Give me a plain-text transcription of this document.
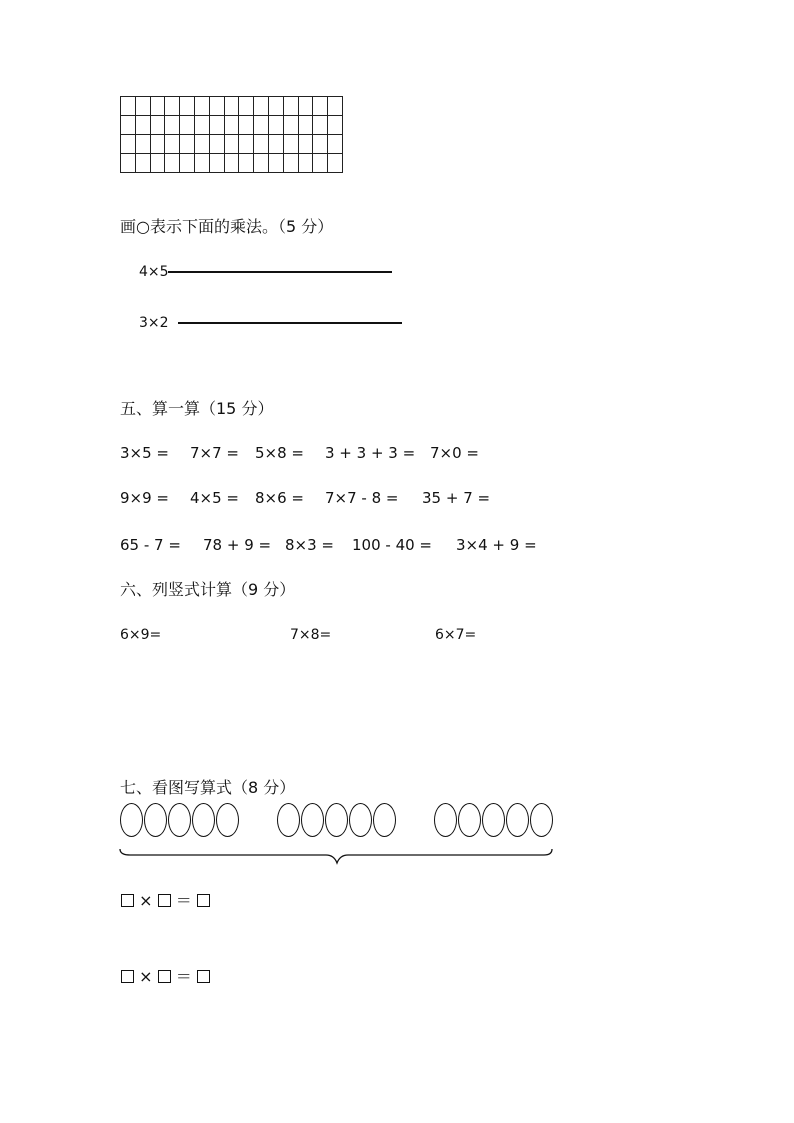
画○表示下面的乘法。（5 分）
4×5
3×2
五、算一算（15 分）
3×5 = 7×7 = 5×8 = 3 + 3 + 3 = 7×0 =
9×9 = 4×5 = 8×6 = 7×7 - 8 = 35 + 7 =
65 - 7 = 78 + 9 = 8×3 = 100 - 40 = 3×4 + 9 =
六、列竖式计算（9 分）
6×9=	7×8=	6×7=
七、看图写算式（8 分）
× ＝
× ＝
